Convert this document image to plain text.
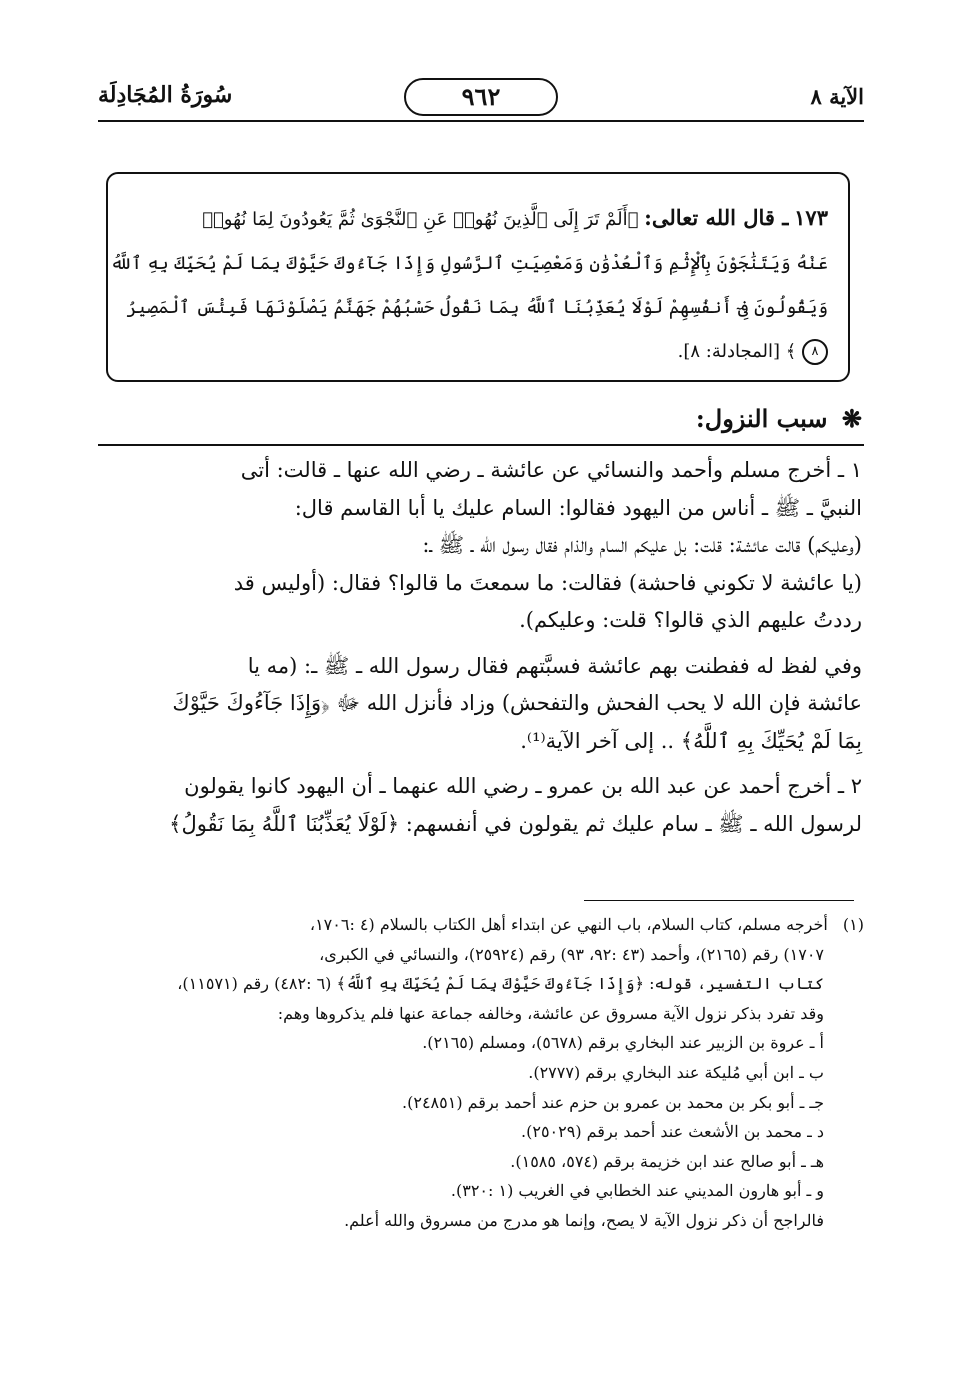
الآية ٨
٩٦٢
سُورَةُ المُجَادِلَة
١٧٣ ـ قال الله تعالى: ﴿أَلَمْ تَرَ إِلَى ٱلَّذِينَ نُهُوا۟ عَنِ ٱلنَّجْوَىٰ ثُمَّ يَعُودُونَ لِمَا نُهُوا۟
عَنْهُ وَيَتَنَٰجَوْنَ بِٱلْإِثْمِ وَٱلْعُدْوَٰنِ وَمَعْصِيَتِ ٱلرَّسُولِ وَإِذَا جَآءُوكَ حَيَّوْكَ بِمَا لَمْ يُحَيِّكَ بِهِ ٱللَّهُ
وَيَقُولُونَ فِىٓ أَنفُسِهِمْ لَوْلَا يُعَذِّبُنَا ٱللَّهُ بِمَا نَقُولُ حَسْبُهُمْ جَهَنَّمُ يَصْلَوْنَهَا فَبِئْسَ ٱلْمَصِيرُ
٨ ﴾ [المجادلة: ٨].
❋ سبب النزول:
١ ـ أخرج مسلم وأحمد والنسائي عن عائشة ـ رضي الله عنها ـ قالت: أتى
النبيَّ ـ ﷺ ـ أناس من اليهود فقالوا: السام عليك يا أبا القاسم قال:
(وعليكم) قالت عائشة: قلت: بل عليكم السام والذام فقال رسول الله ـ ﷺ ـ:
(يا عائشة لا تكوني فاحشة) فقالت: ما سمعتَ ما قالوا؟ فقال: (أوليس قد
رددتُ عليهم الذي قالوا؟ قلت: وعليكم).
وفي لفظ له ففطنت بهم عائشة فسبَّتهم فقال رسول الله ـ ﷺ ـ: (مه يا
عائشة فإن الله لا يحب الفحش والتفحش) وزاد فأنزل الله ﷻ ﴿وَإِذَا جَآءُوكَ حَيَّوْكَ
بِمَا لَمْ يُحَيِّكَ بِهِ ٱللَّهُ﴾ .. إلى آخر الآية⁽¹⁾.
٢ ـ أخرج أحمد عن عبد الله بن عمرو ـ رضي الله عنهما ـ أن اليهود كانوا يقولون
لرسول الله ـ ﷺ ـ سام عليك ثم يقولون في أنفسهم: ﴿لَوْلَا يُعَذِّبُنَا ٱللَّهُ بِمَا نَقُولُ﴾
(١) أخرجه مسلم، كتاب السلام، باب النهي عن ابتداء أهل الكتاب بالسلام (٤ :١٧٠٦،
١٧٠٧) رقم (٢١٦٥)، وأحمد (٤٣ :٩٢، ٩٣) رقم (٢٥٩٢٤)، والنسائي في الكبرى،
كتاب التفسير، قوله: ﴿وَإِذَا جَآءُوكَ حَيَّوْكَ بِمَا لَمْ يُحَيِّكَ بِهِ ٱللَّهُ﴾ (٦ :٤٨٢) رقم (١١٥٧١)،
وقد تفرد بذكر نزول الآية مسروق عن عائشة، وخالفه جماعة عنها فلم يذكروها وهم:
أ ـ عروة بن الزبير عند البخاري برقم (٥٦٧٨)، ومسلم (٢١٦٥).
ب ـ ابن أبي مُليكة عند البخاري برقم (٢٧٧٧).
جـ ـ أبو بكر بن محمد بن عمرو بن حزم عند أحمد برقم (٢٤٨٥١).
د ـ محمد بن الأشعث عند أحمد برقم (٢٥٠٢٩).
هـ ـ أبو صالح عند ابن خزيمة برقم (٥٧٤، ١٥٨٥).
و ـ أبو هارون المديني عند الخطابي في الغريب (١ :٣٢٠).
فالراجح أن ذكر نزول الآية لا يصح، وإنما هو مدرج من مسروق والله أعلم.
